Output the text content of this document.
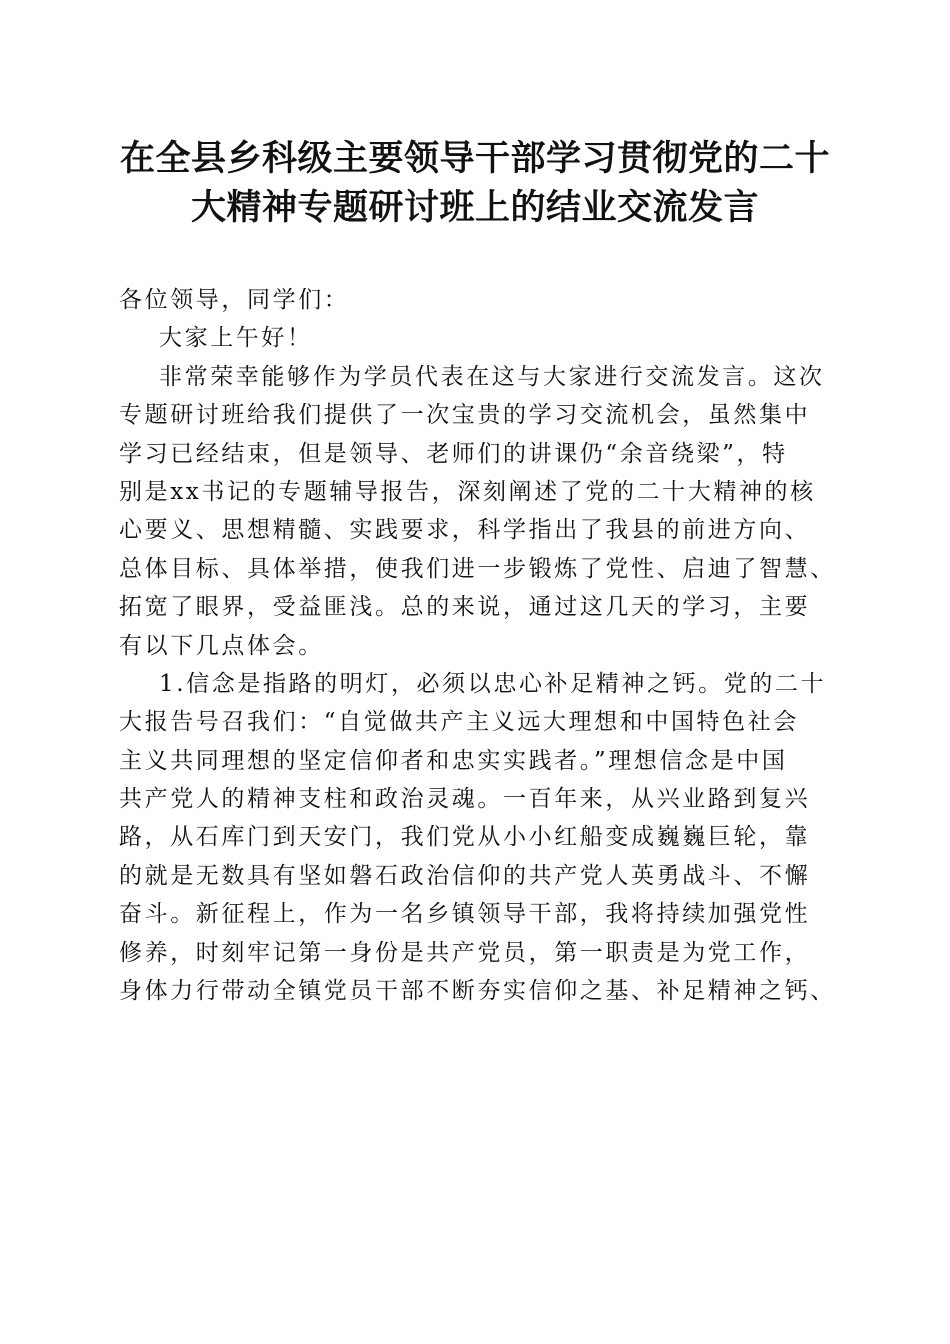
在全县乡科级主要领导干部学习贯彻党的二十
大精神专题研讨班上的结业交流发言
各位领导，同学们：
大家上午好！
非常荣幸能够作为学员代表在这与大家进行交流发言。这次
专题研讨班给我们提供了一次宝贵的学习交流机会，虽然集中
学习已经结束，但是领导、老师们的讲课仍“余音绕梁”，特
别是xx书记的专题辅导报告，深刻阐述了党的二十大精神的核
心要义、思想精髓、实践要求，科学指出了我县的前进方向、
总体目标、具体举措，使我们进一步锻炼了党性、启迪了智慧、
拓宽了眼界，受益匪浅。总的来说，通过这几天的学习，主要
有以下几点体会。
1.信念是指路的明灯，必须以忠心补足精神之钙。党的二十
大报告号召我们：“自觉做共产主义远大理想和中国特色社会
主义共同理想的坚定信仰者和忠实实践者。”理想信念是中国
共产党人的精神支柱和政治灵魂。一百年来，从兴业路到复兴
路，从石库门到天安门，我们党从小小红船变成巍巍巨轮，靠
的就是无数具有坚如磐石政治信仰的共产党人英勇战斗、不懈
奋斗。新征程上，作为一名乡镇领导干部，我将持续加强党性
修养，时刻牢记第一身份是共产党员，第一职责是为党工作，
身体力行带动全镇党员干部不断夯实信仰之基、补足精神之钙、
